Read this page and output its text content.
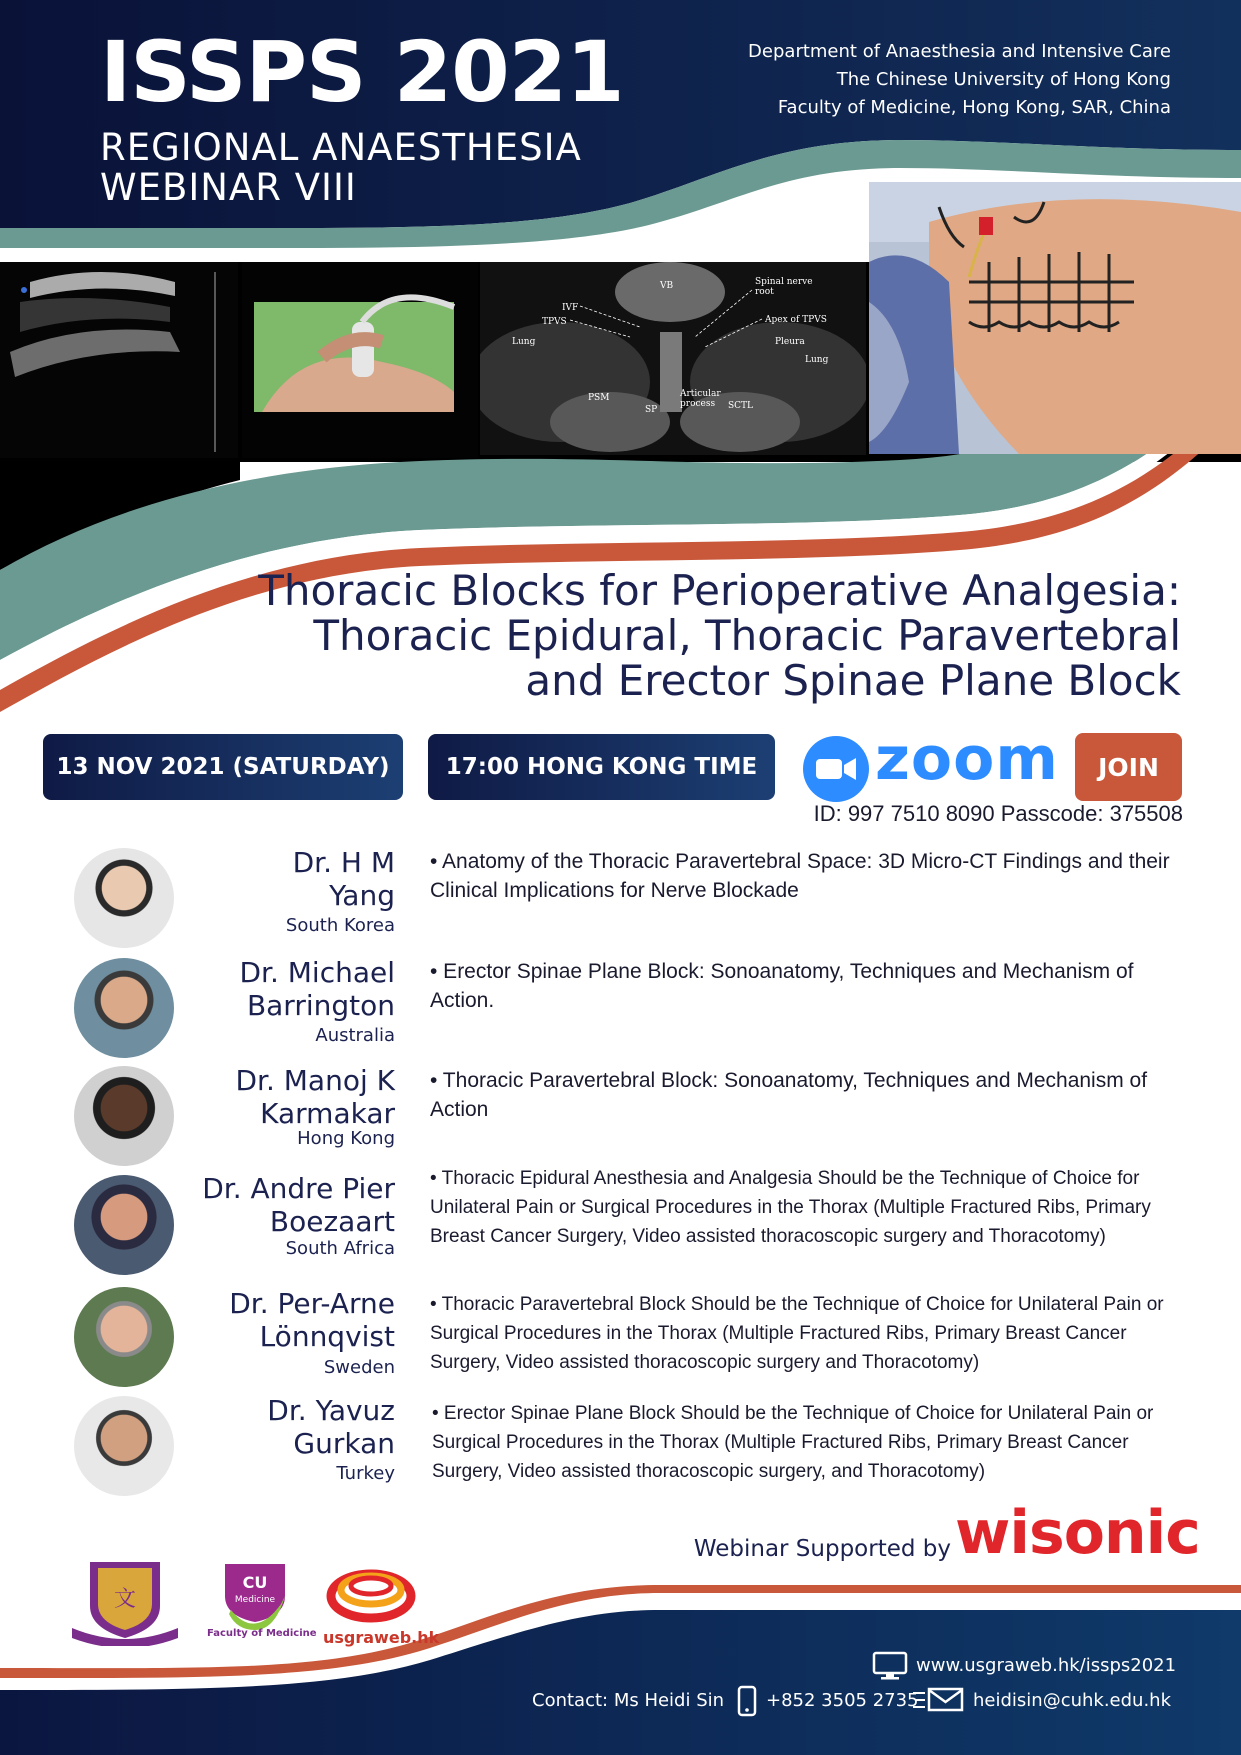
ISSPS 2021
REGIONAL ANAESTHESIA
WEBINAR VIII
Department of Anaesthesia and Intensive Care
The Chinese University of Hong Kong
Faculty of Medicine, Hong Kong, SAR, China
VB	Spinal nerve
root
IVF
TPVS	Apex of TPVS
Pleura
Lung
Lung
PSM
SP
Articular
process SCTL
Thoracic Blocks for Perioperative Analgesia:
Thoracic Epidural, Thoracic Paravertebral
and Erector Spinae Plane Block
13 NOV 2021 (SATURDAY)	17:00 HONG KONG TIME zoom	JOIN
ID: 997 7510 8090 Passcode: 375508
Dr. H M
Yang
South Korea
• Anatomy of the Thoracic Paravertebral Space: 3D Micro-CT Findings and their Clinical Implications for Nerve Blockade
Dr. Michael
Barrington
Australia
• Erector Spinae Plane Block: Sonoanatomy, Techniques and Mechanism of Action.
Dr. Manoj K
Karmakar
Hong Kong
• Thoracic Paravertebral Block: Sonoanatomy, Techniques and Mechanism of Action
Dr. Andre Pier
Boezaart
South Africa
• Thoracic Epidural Anesthesia and Analgesia Should be the Technique of Choice for Unilateral Pain or Surgical Procedures in the Thorax (Multiple Fractured Ribs, Primary Breast Cancer Surgery, Video assisted thoracoscopic surgery and Thoracotomy)
Dr. Per-Arne
Lönnqvist
Sweden
• Thoracic Paravertebral Block Should be the Technique of Choice for Unilateral Pain or Surgical Procedures in the Thorax (Multiple Fractured Ribs, Primary Breast Cancer Surgery, Video assisted thoracoscopic surgery and Thoracotomy)
Dr. Yavuz
Gurkan
Turkey
• Erector Spinae Plane Block Should be the Technique of Choice for Unilateral Pain or Surgical Procedures in the Thorax (Multiple Fractured Ribs, Primary Breast Cancer Surgery, Video assisted thoracoscopic surgery, and Thoracotomy)
Webinar Supported by wisonic
文
CU
Medicine
Faculty of Medicine usgraweb.hk
www.usgraweb.hk/issps2021
Contact: Ms Heidi Sin +852 3505 2735	heidisin@cuhk.edu.hk
